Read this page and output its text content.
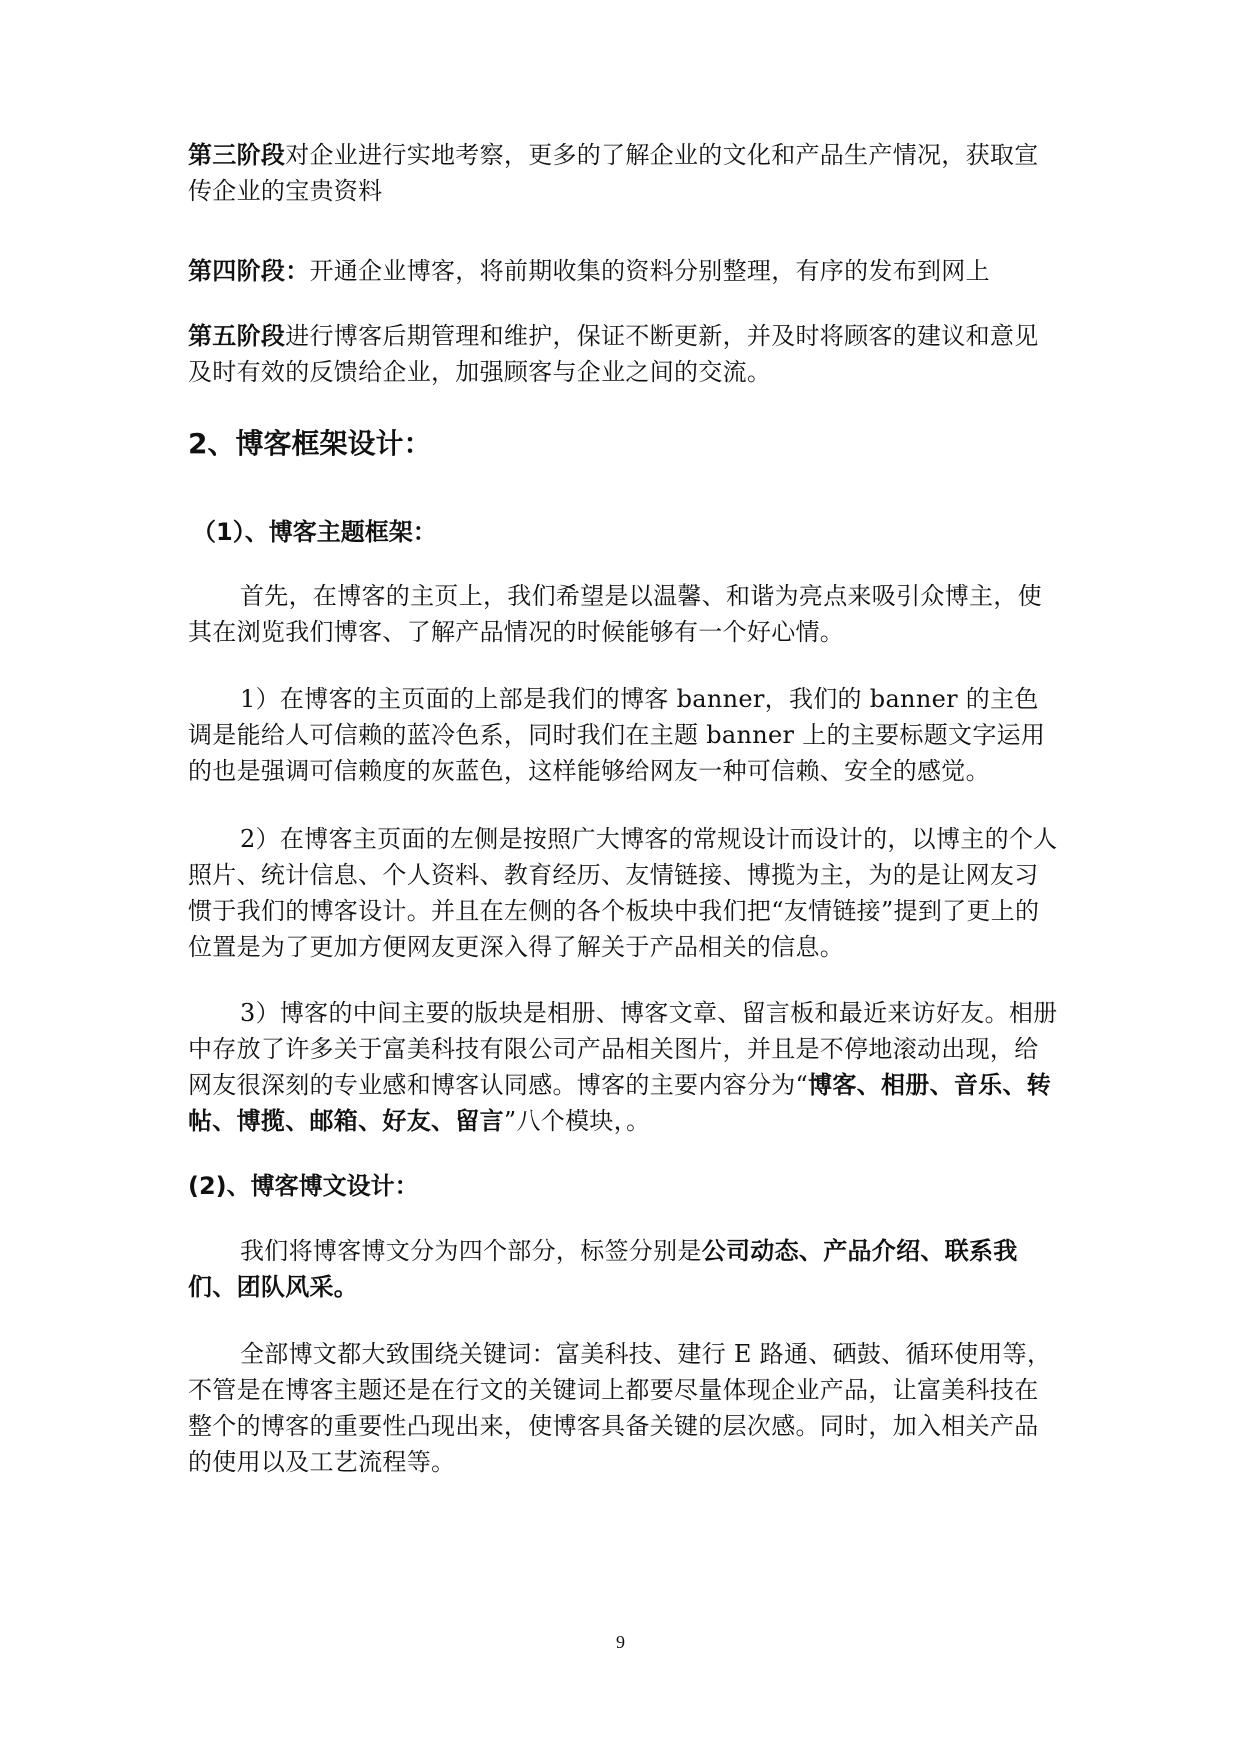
第三阶段对企业进行实地考察，更多的了解企业的文化和产品生产情况，获取宣传企业的宝贵资料

第四阶段：开通企业博客，将前期收集的资料分别整理，有序的发布到网上

第五阶段进行博客后期管理和维护，保证不断更新，并及时将顾客的建议和意见及时有效的反馈给企业，加强顾客与企业之间的交流。

2、博客框架设计：
（1）、博客主题框架：

首先，在博客的主页上，我们希望是以温馨、和谐为亮点来吸引众博主，使其在浏览我们博客、了解产品情况的时候能够有一个好心情。

1）在博客的主页面的上部是我们的博客 banner，我们的 banner 的主色调是能给人可信赖的蓝冷色系，同时我们在主题 banner 上的主要标题文字运用的也是强调可信赖度的灰蓝色，这样能够给网友一种可信赖、安全的感觉。

2）在博客主页面的左侧是按照广大博客的常规设计而设计的，以博主的个人照片、统计信息、个人资料、教育经历、友情链接、博揽为主，为的是让网友习惯于我们的博客设计。并且在左侧的各个板块中我们把“友情链接”提到了更上的位置是为了更加方便网友更深入得了解关于产品相关的信息。

3）博客的中间主要的版块是相册、博客文章、留言板和最近来访好友。相册中存放了许多关于富美科技有限公司产品相关图片，并且是不停地滚动出现，给网友很深刻的专业感和博客认同感。博客的主要内容分为“博客、相册、音乐、转帖、博揽、邮箱、好友、留言”八个模块，。

(2)、博客博文设计：

我们将博客博文分为四个部分，标签分别是公司动态、产品介绍、联系我们、团队风采。

全部博文都大致围绕关键词：富美科技、建行 E 路通、硒鼓、循环使用等，不管是在博客主题还是在行文的关键词上都要尽量体现企业产品，让富美科技在整个的博客的重要性凸现出来，使博客具备关键的层次感。同时，加入相关产品的使用以及工艺流程等。

9
